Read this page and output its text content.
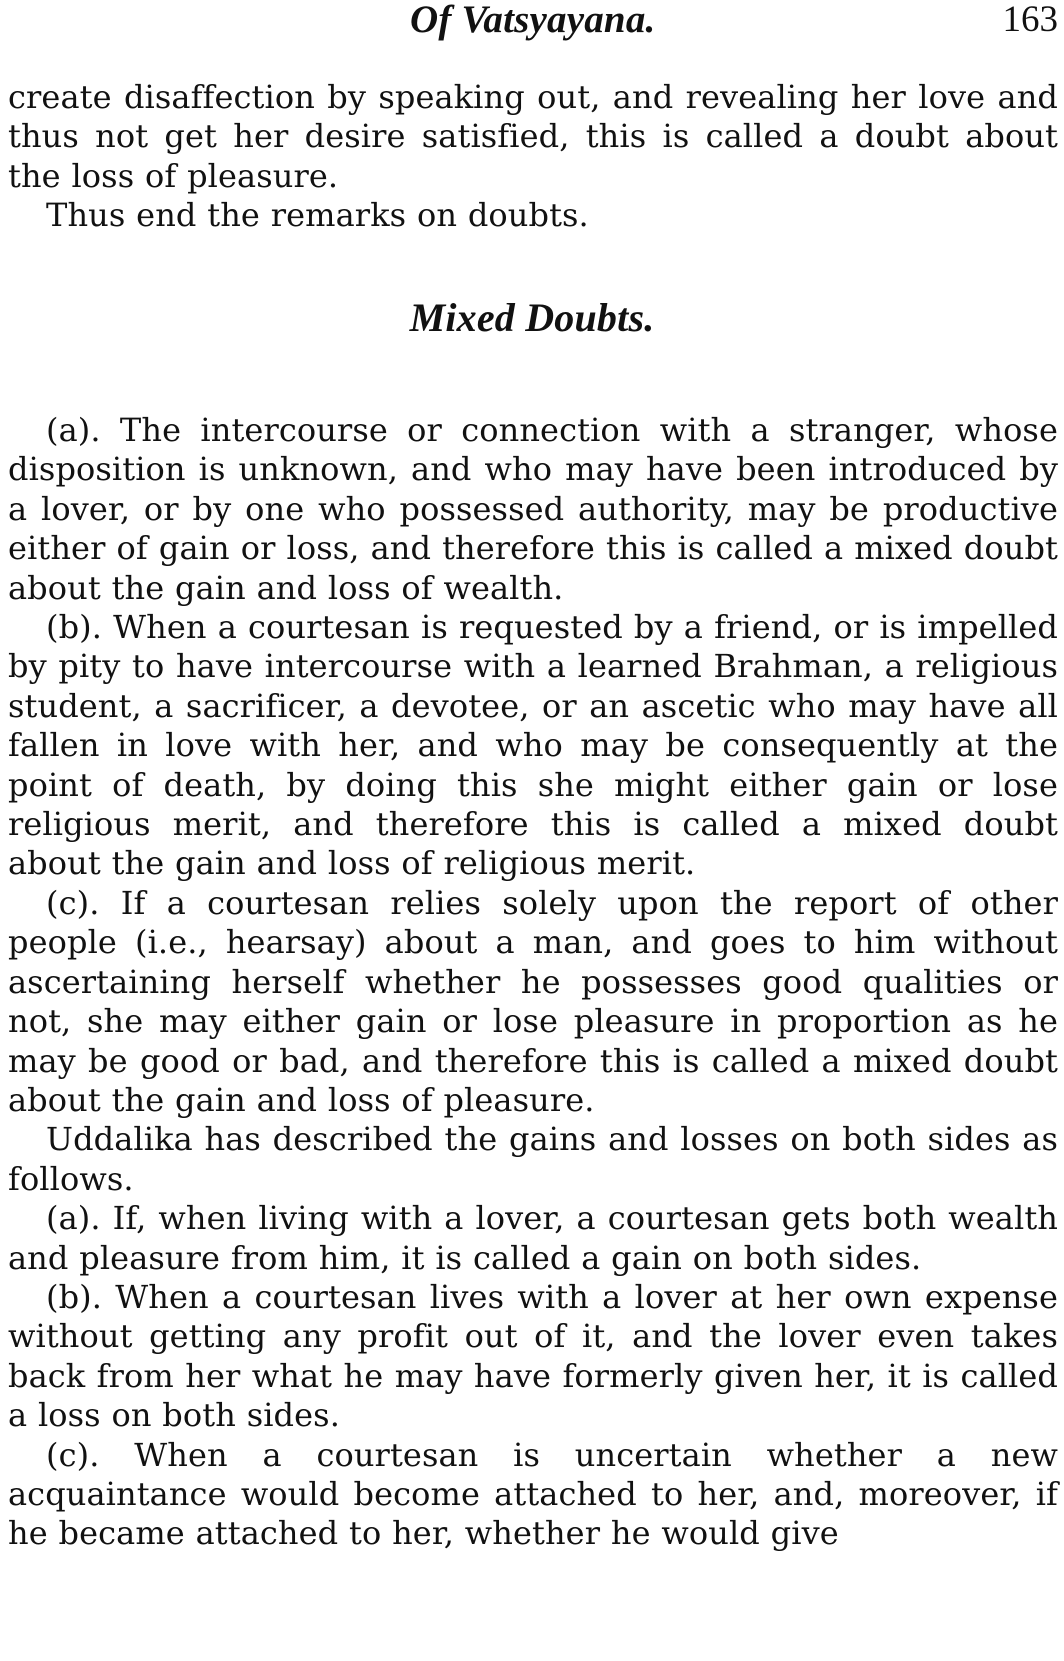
Of Vatsyayana.	163

create disaffection by speaking out, and revealing her love and thus not get her desire satisfied, this is called a doubt about the loss of pleasure.

Thus end the remarks on doubts.

Mixed Doubts.

(a). The intercourse or connection with a stranger, whose disposition is unknown, and who may have been introduced by a lover, or by one who possessed authority, may be productive either of gain or loss, and therefore this is called a mixed doubt about the gain and loss of wealth.

(b). When a courtesan is requested by a friend, or is impelled by pity to have intercourse with a learned Brahman, a religious student, a sacrificer, a devotee, or an ascetic who may have all fallen in love with her, and who may be consequently at the point of death, by doing this she might either gain or lose religious merit, and therefore this is called a mixed doubt about the gain and loss of religious merit.

(c). If a courtesan relies solely upon the report of other people (i.e., hearsay) about a man, and goes to him without ascertaining herself whether he possesses good qualities or not, she may either gain or lose pleasure in proportion as he may be good or bad, and therefore this is called a mixed doubt about the gain and loss of pleasure.

Uddalika has described the gains and losses on both sides as follows.

(a). If, when living with a lover, a courtesan gets both wealth and pleasure from him, it is called a gain on both sides.

(b). When a courtesan lives with a lover at her own expense without getting any profit out of it, and the lover even takes back from her what he may have formerly given her, it is called a loss on both sides.

(c). When a courtesan is uncertain whether a new acquaintance would become attached to her, and, moreover, if he became attached to her, whether he would give
